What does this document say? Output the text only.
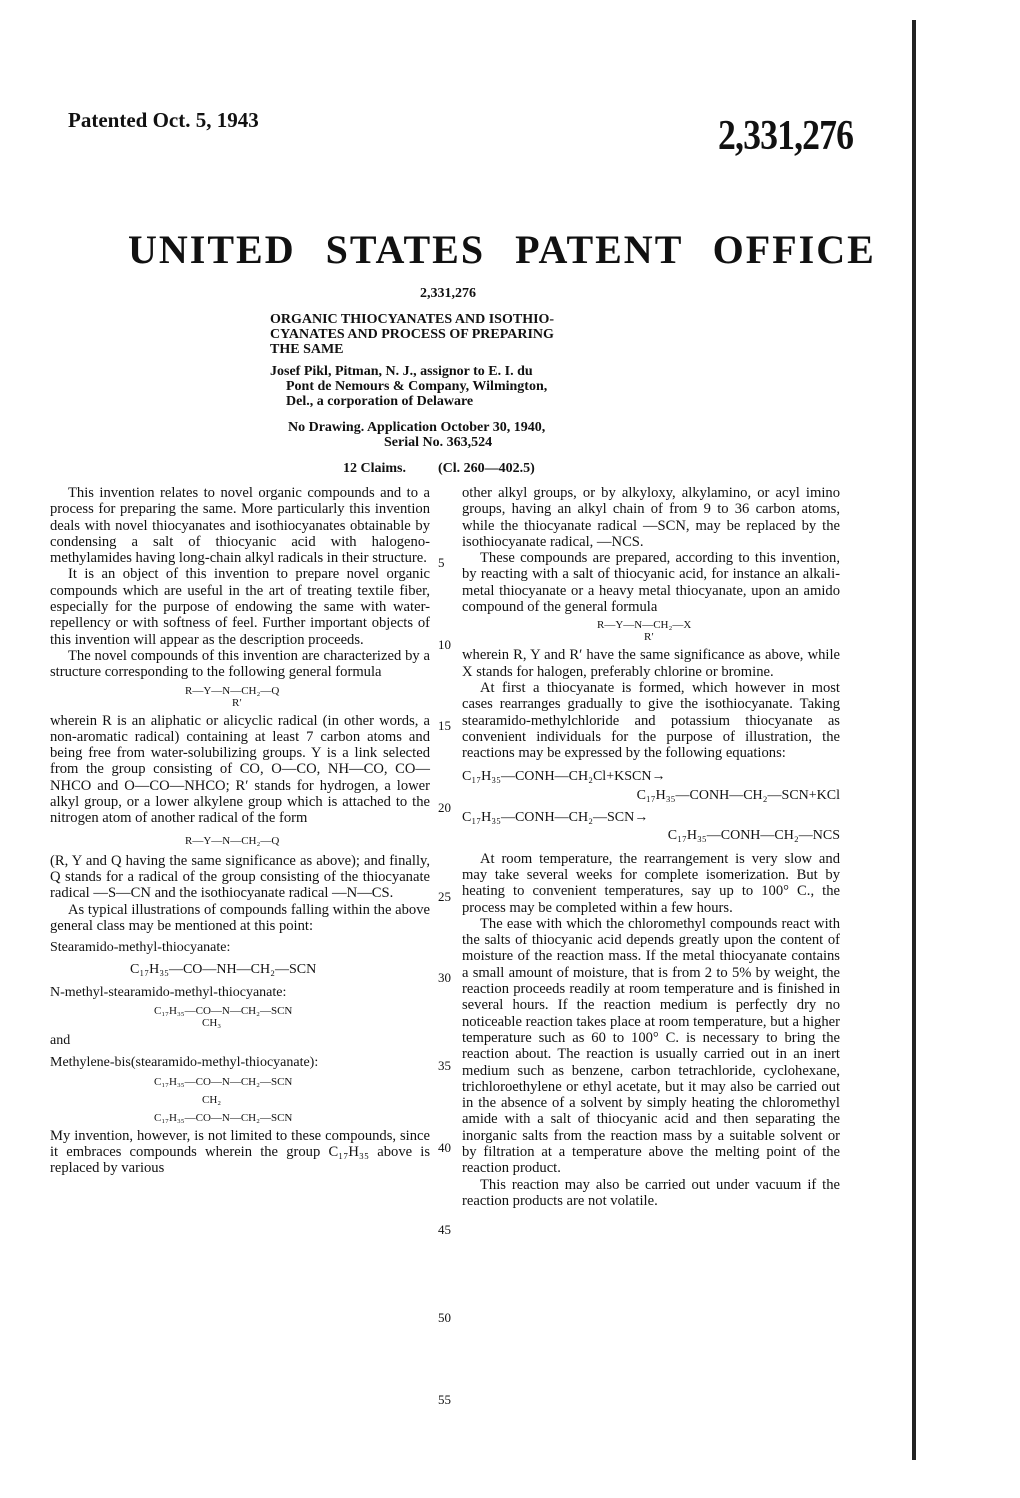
Patented Oct. 5, 1943	2,331,276
UNITED STATES PATENT OFFICE
2,331,276
ORGANIC THIOCYANATES AND ISOTHIO-
CYANATES AND PROCESS OF PREPARING
THE SAME
Josef Pikl, Pitman, N. J., assignor to E. I. du
Pont de Nemours & Company, Wilmington,
Del., a corporation of Delaware
No Drawing. Application October 30, 1940,
Serial No. 363,524
12 Claims. (Cl. 260—402.5)

This invention relates to novel organic compounds and to a process for preparing the same. More particularly this invention deals with novel thiocyanates and isothiocyanates obtainable by condensing a salt of thiocyanic acid with halogeno-methylamides having long-chain alkyl radicals in their structure.

It is an object of this invention to prepare novel organic compounds which are useful in the art of treating textile fiber, especially for the purpose of endowing the same with water-repellency or with softness of feel. Further important objects of this invention will appear as the description proceeds.

The novel compounds of this invention are characterized by a structure corresponding to the following general formula

R—Y—N—CH₂—Q
R′

wherein R is an aliphatic or alicyclic radical (in other words, a non-aromatic radical) containing at least 7 carbon atoms and being free from water-solubilizing groups. Y is a link selected from the group consisting of CO, O—CO, NH—CO, CO—NHCO and O—CO—NHCO; R′ stands for hydrogen, a lower alkyl group, or a lower alkylene group which is attached to the nitrogen atom of another radical of the form

R—Y—N—CH₂—Q

(R, Y and Q having the same significance as above); and finally, Q stands for a radical of the group consisting of the thiocyanate radical —S—CN and the isothiocyanate radical —N—CS.

As typical illustrations of compounds falling within the above general class may be mentioned at this point:

Stearamido-methyl-thiocyanate:
C₁₇H₃₅—CO—NH—CH₂—SCN
N-methyl-stearamido-methyl-thiocyanate:
C₁₇H₃₅—CO—N—CH₂—SCN
CH₃
and
Methylene-bis(stearamido-methyl-thiocyanate):
C₁₇H₃₅—CO—N—CH₂—SCN
CH₂
C₁₇H₃₅—CO—N—CH₂—SCN

My invention, however, is not limited to these compounds, since it embraces compounds wherein the group C₁₇H₃₅ above is replaced by various

5
10
15
20
25
30
35
40
45
50
55

other alkyl groups, or by alkyloxy, alkylamino, or acyl imino groups, having an alkyl chain of from 9 to 36 carbon atoms, while the thiocyanate radical —SCN, may be replaced by the isothiocyanate radical, —NCS.

These compounds are prepared, according to this invention, by reacting with a salt of thiocyanic acid, for instance an alkali-metal thiocyanate or a heavy metal thiocyanate, upon an amido compound of the general formula

R—Y—N—CH₂—X
R′

wherein R, Y and R′ have the same significance as above, while X stands for halogen, preferably chlorine or bromine.

At first a thiocyanate is formed, which however in most cases rearranges gradually to give the isothiocyanate. Taking stearamido-methylchloride and potassium thiocyanate as convenient individuals for the purpose of illustration, the reactions may be expressed by the following equations:

C₁₇H₃₅—CONH—CH₂Cl+KSCN→
C₁₇H₃₅—CONH—CH₂—SCN+KCl
C₁₇H₃₅—CONH—CH₂—SCN→
C₁₇H₃₅—CONH—CH₂—NCS

At room temperature, the rearrangement is very slow and may take several weeks for complete isomerization. But by heating to convenient temperatures, say up to 100° C., the process may be completed within a few hours.

The ease with which the chloromethyl compounds react with the salts of thiocyanic acid depends greatly upon the content of moisture of the reaction mass. If the metal thiocyanate contains a small amount of moisture, that is from 2 to 5% by weight, the reaction proceeds readily at room temperature and is finished in several hours. If the reaction medium is perfectly dry no noticeable reaction takes place at room temperature, but a higher temperature such as 60 to 100° C. is necessary to bring the reaction about. The reaction is usually carried out in an inert medium such as benzene, carbon tetrachloride, cyclohexane, trichloroethylene or ethyl acetate, but it may also be carried out in the absence of a solvent by simply heating the chloromethyl amide with a salt of thiocyanic acid and then separating the inorganic salts from the reaction mass by a suitable solvent or by filtration at a temperature above the melting point of the reaction product.

This reaction may also be carried out under vacuum if the reaction products are not volatile.
